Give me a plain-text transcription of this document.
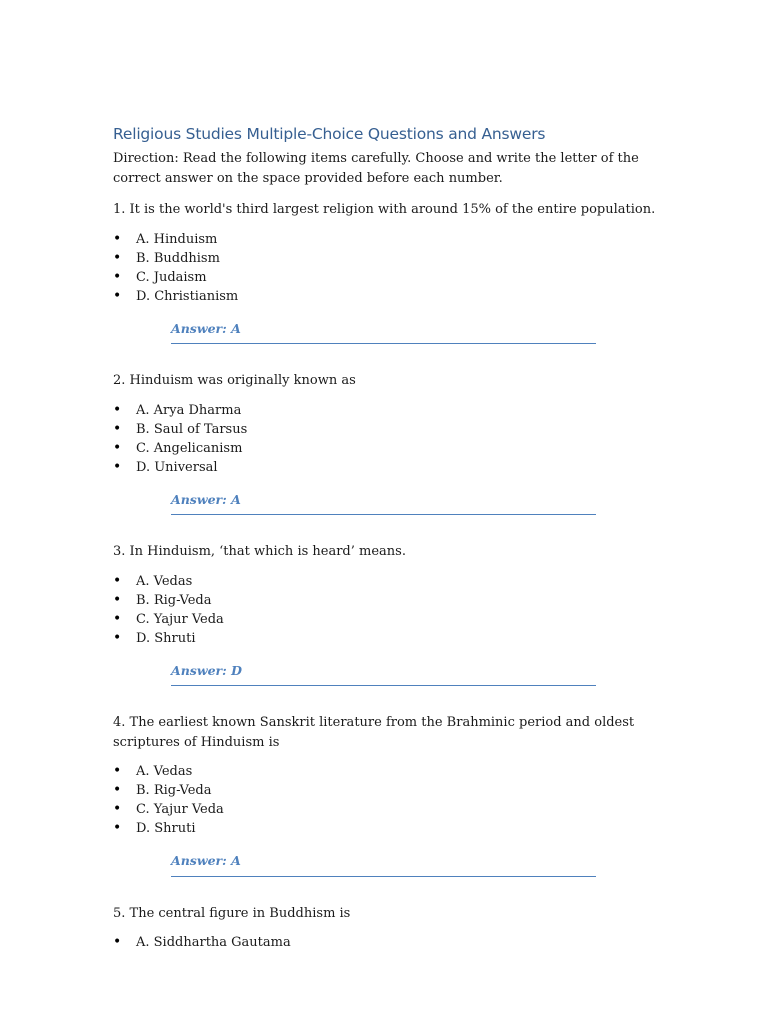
Religious Studies Multiple-Choice Questions and Answers

Direction: Read the following items carefully. Choose and write the letter of the correct answer on the space provided before each number.

1. It is the world's third largest religion with around 15% of the entire population.

• A. Hinduism
• B. Buddhism
• C. Judaism
• D. Christianism
Answer: A

2. Hinduism was originally known as

• A. Arya Dharma
• B. Saul of Tarsus
• C. Angelicanism
• D. Universal
Answer: A

3. In Hinduism, ‘that which is heard’ means.

• A. Vedas
• B. Rig-Veda
• C. Yajur Veda
• D. Shruti
Answer: D

4. The earliest known Sanskrit literature from the Brahminic period and oldest scriptures of Hinduism is

• A. Vedas
• B. Rig-Veda
• C. Yajur Veda
• D. Shruti
Answer: A

5. The central figure in Buddhism is

• A. Siddhartha Gautama
